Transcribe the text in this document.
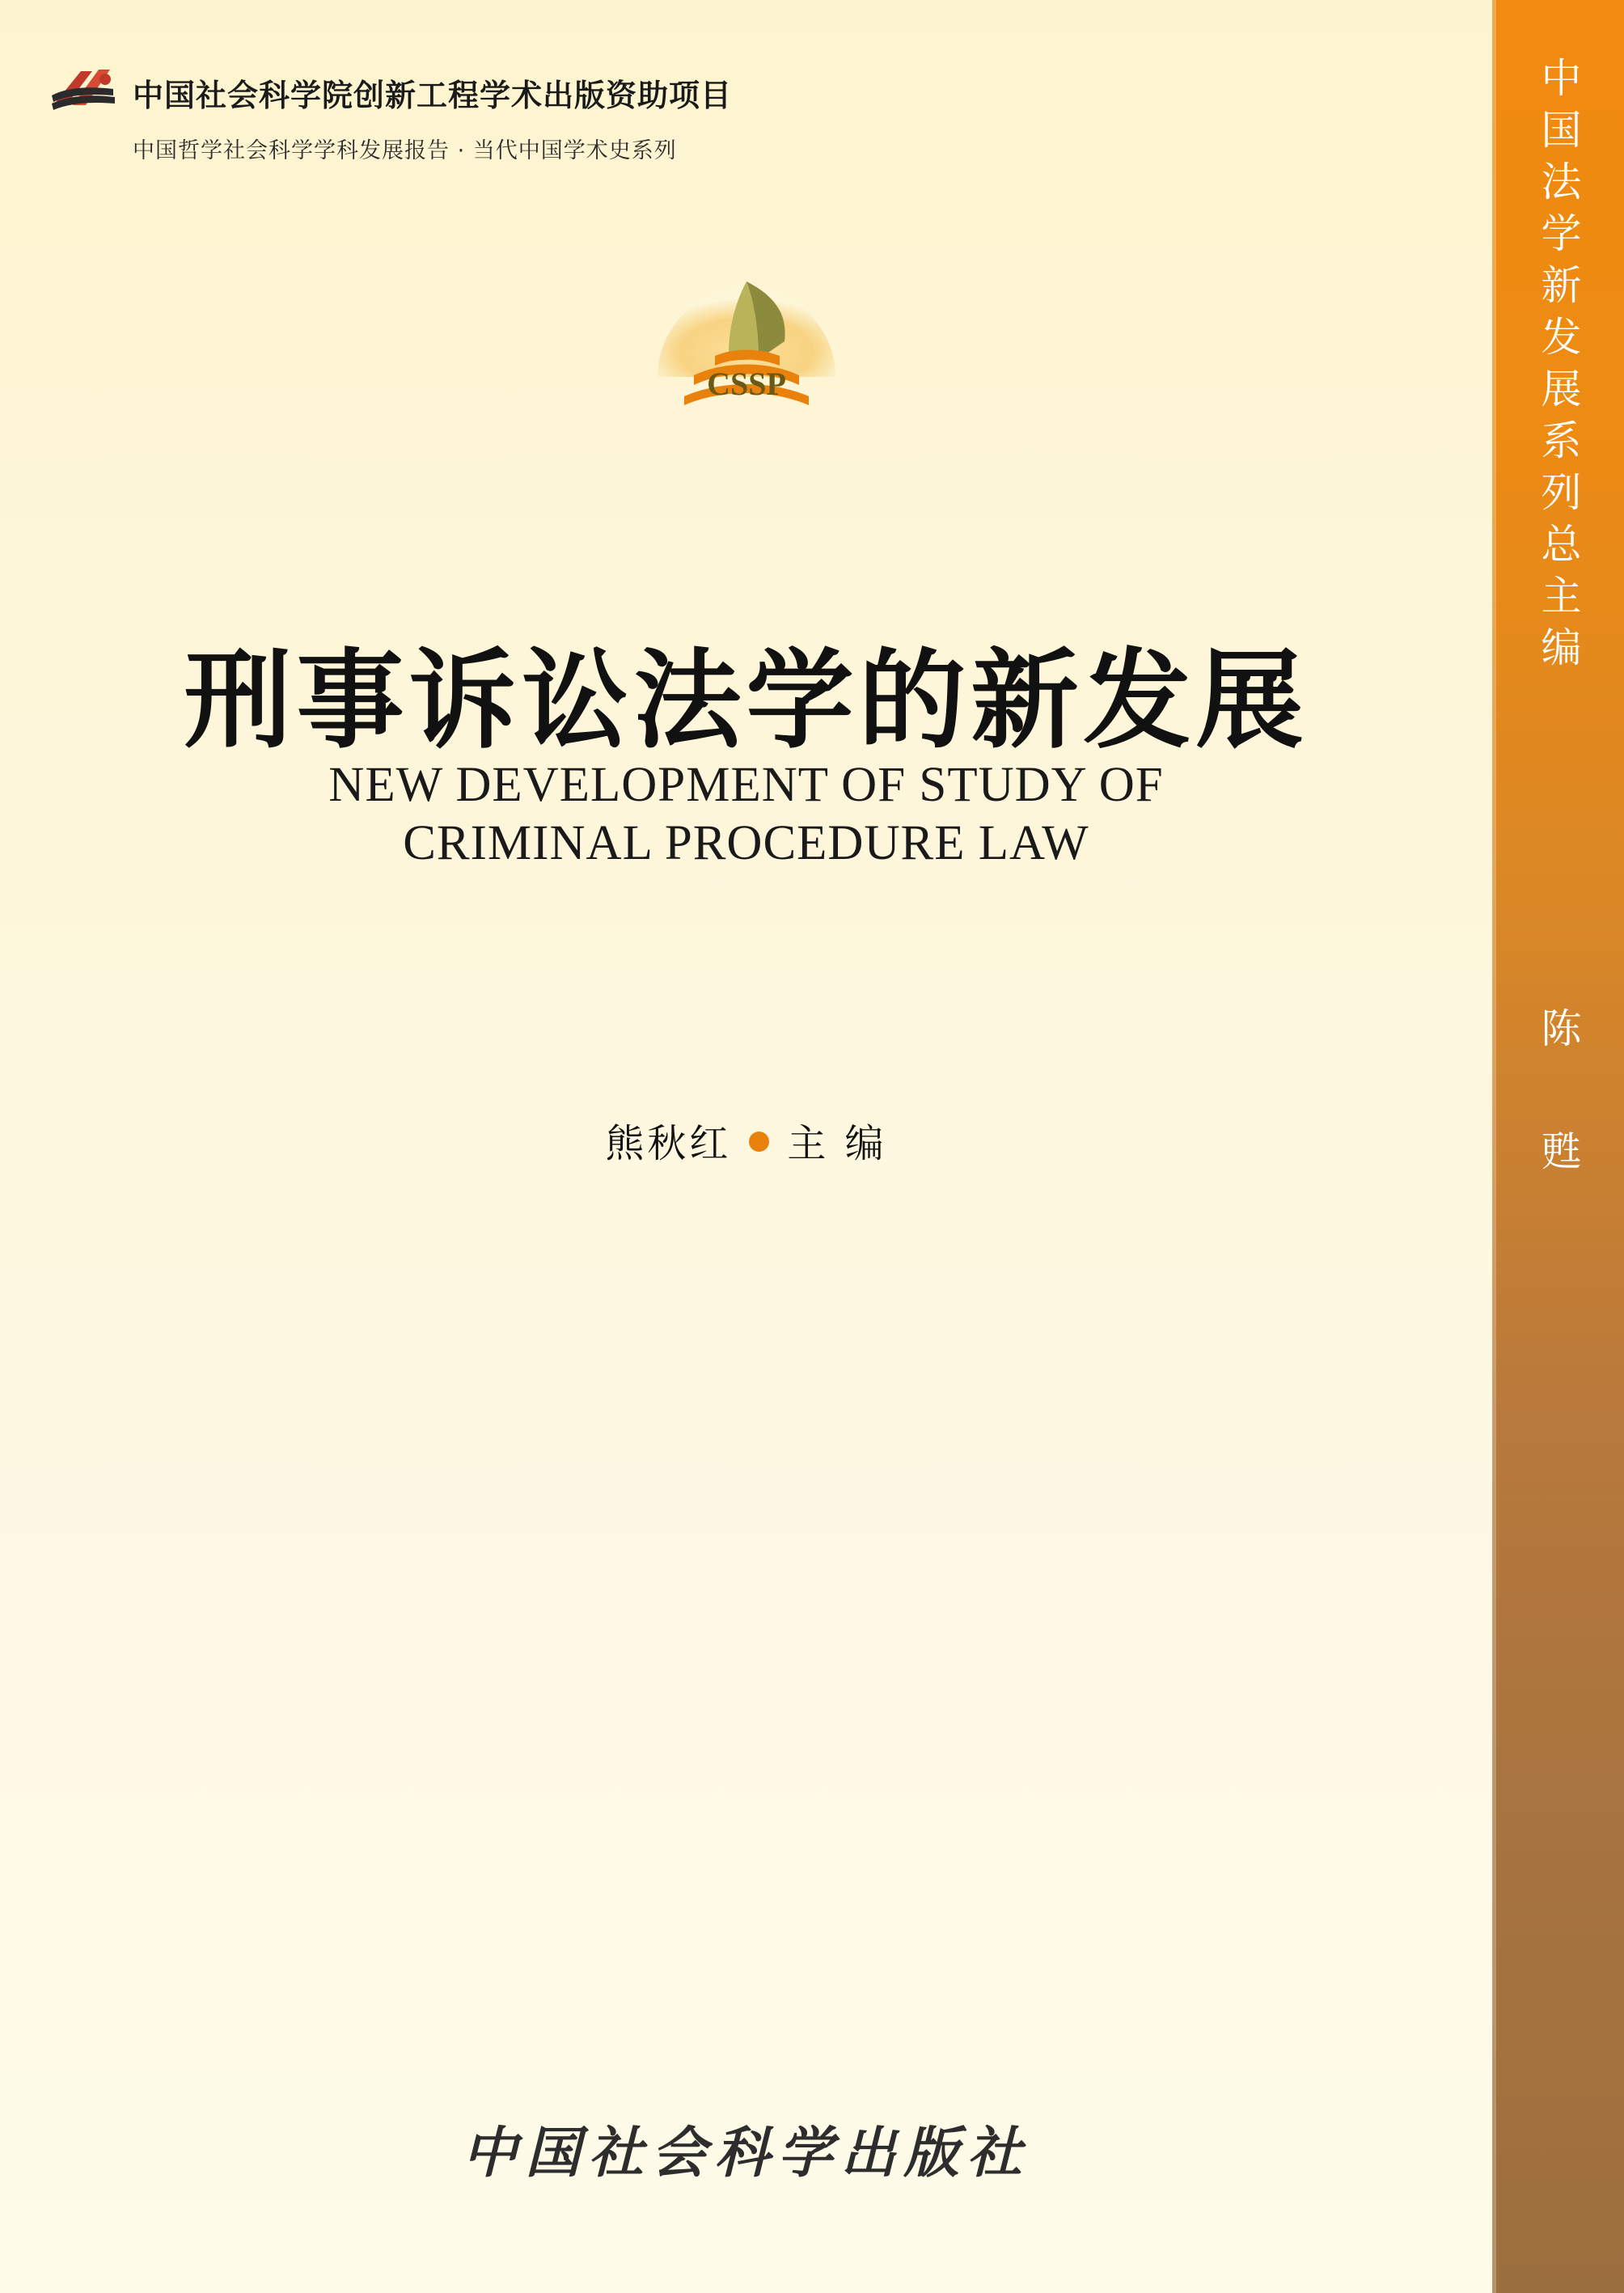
中国社会科学院创新工程学术出版资助项目
中国哲学社会科学学科发展报告 · 当代中国学术史系列
CSSP
刑事诉讼法学的新发展
NEW DEVELOPMENT OF STUDY OF
CRIMINAL PROCEDURE LAW
熊秋红 主 编
中国社会科学出版社
中国法学新发展系列总主编
陈 甦
